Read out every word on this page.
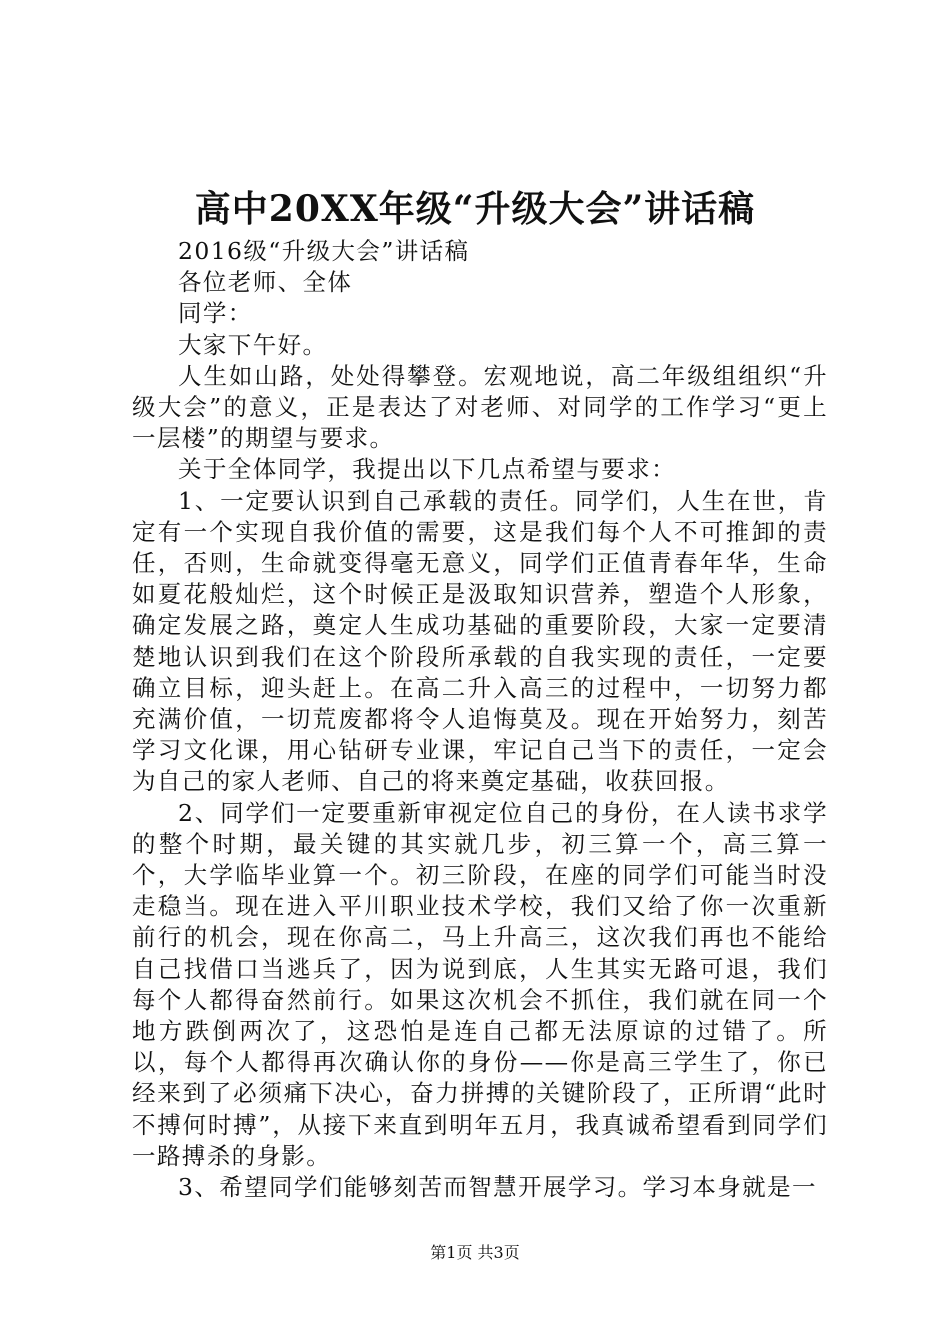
高中20XX年级“升级大会”讲话稿

2016级“升级大会”讲话稿

各位老师、全体

同学：

大家下午好。

人生如山路，处处得攀登。宏观地说，高二年级组组织“升级大会”的意义，正是表达了对老师、对同学的工作学习“更上一层楼”的期望与要求。

关于全体同学，我提出以下几点希望与要求：

1、一定要认识到自己承载的责任。同学们，人生在世，肯定有一个实现自我价值的需要，这是我们每个人不可推卸的责任，否则，生命就变得毫无意义，同学们正值青春年华，生命如夏花般灿烂，这个时候正是汲取知识营养，塑造个人形象，确定发展之路，奠定人生成功基础的重要阶段，大家一定要清楚地认识到我们在这个阶段所承载的自我实现的责任，一定要确立目标，迎头赶上。在高二升入高三的过程中，一切努力都充满价值，一切荒废都将令人追悔莫及。现在开始努力，刻苦学习文化课，用心钻研专业课，牢记自己当下的责任，一定会为自己的家人老师、自己的将来奠定基础，收获回报。

2、同学们一定要重新审视定位自己的身份，在人读书求学的整个时期，最关键的其实就几步，初三算一个，高三算一个，大学临毕业算一个。初三阶段，在座的同学们可能当时没走稳当。现在进入平川职业技术学校，我们又给了你一次重新前行的机会，现在你高二，马上升高三，这次我们再也不能给自己找借口当逃兵了，因为说到底，人生其实无路可退，我们每个人都得奋然前行。如果这次机会不抓住，我们就在同一个地方跌倒两次了，这恐怕是连自己都无法原谅的过错了。所以，每个人都得再次确认你的身份——你是高三学生了，你已经来到了必须痛下决心，奋力拼搏的关键阶段了，正所谓“此时不搏何时搏”，从接下来直到明年五月，我真诚希望看到同学们一路搏杀的身影。

3、希望同学们能够刻苦而智慧开展学习。学习本身就是一

第1页 共3页
